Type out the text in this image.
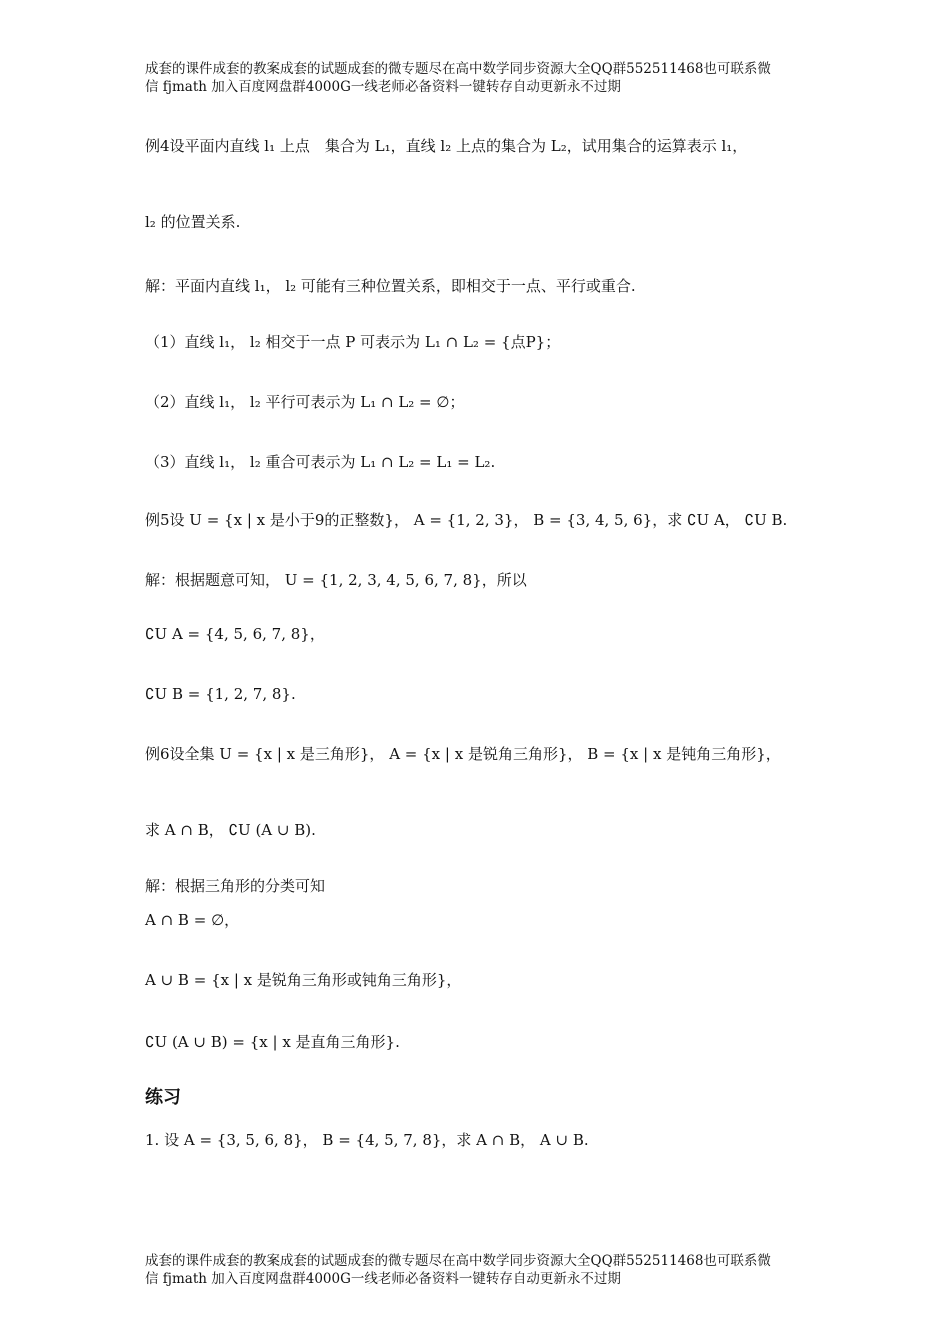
成套的课件成套的教案成套的试题成套的微专题尽在高中数学同步资源大全QQ群552511468也可联系微
信 fjmath 加入百度网盘群4000G一线老师必备资料一键转存自动更新永不过期
例4设平面内直线 l₁ 上点　集合为 L₁，直线 l₂ 上点的集合为 L₂，试用集合的运算表示 l₁，
l₂ 的位置关系.
解：平面内直线 l₁， l₂ 可能有三种位置关系，即相交于一点、平行或重合.
（1）直线 l₁， l₂ 相交于一点 P 可表示为 L₁ ∩ L₂ = {点P}；
（2）直线 l₁， l₂ 平行可表示为 L₁ ∩ L₂ = ∅；
（3）直线 l₁， l₂ 重合可表示为 L₁ ∩ L₂ = L₁ = L₂.
例5设 U = {x | x 是小于9的正整数}， A = {1, 2, 3}， B = {3, 4, 5, 6}，求 ∁U A， ∁U B.
解：根据题意可知， U = {1, 2, 3, 4, 5, 6, 7, 8}，所以
∁U A = {4, 5, 6, 7, 8}，
∁U B = {1, 2, 7, 8}.
例6设全集 U = {x | x 是三角形}， A = {x | x 是锐角三角形}， B = {x | x 是钝角三角形}，
求 A ∩ B， ∁U (A ∪ B).
解：根据三角形的分类可知
A ∩ B = ∅，
A ∪ B = {x | x 是锐角三角形或钝角三角形}，
∁U (A ∪ B) = {x | x 是直角三角形}.
练习
1. 设 A = {3, 5, 6, 8}， B = {4, 5, 7, 8}，求 A ∩ B， A ∪ B.
成套的课件成套的教案成套的试题成套的微专题尽在高中数学同步资源大全QQ群552511468也可联系微
信 fjmath 加入百度网盘群4000G一线老师必备资料一键转存自动更新永不过期
